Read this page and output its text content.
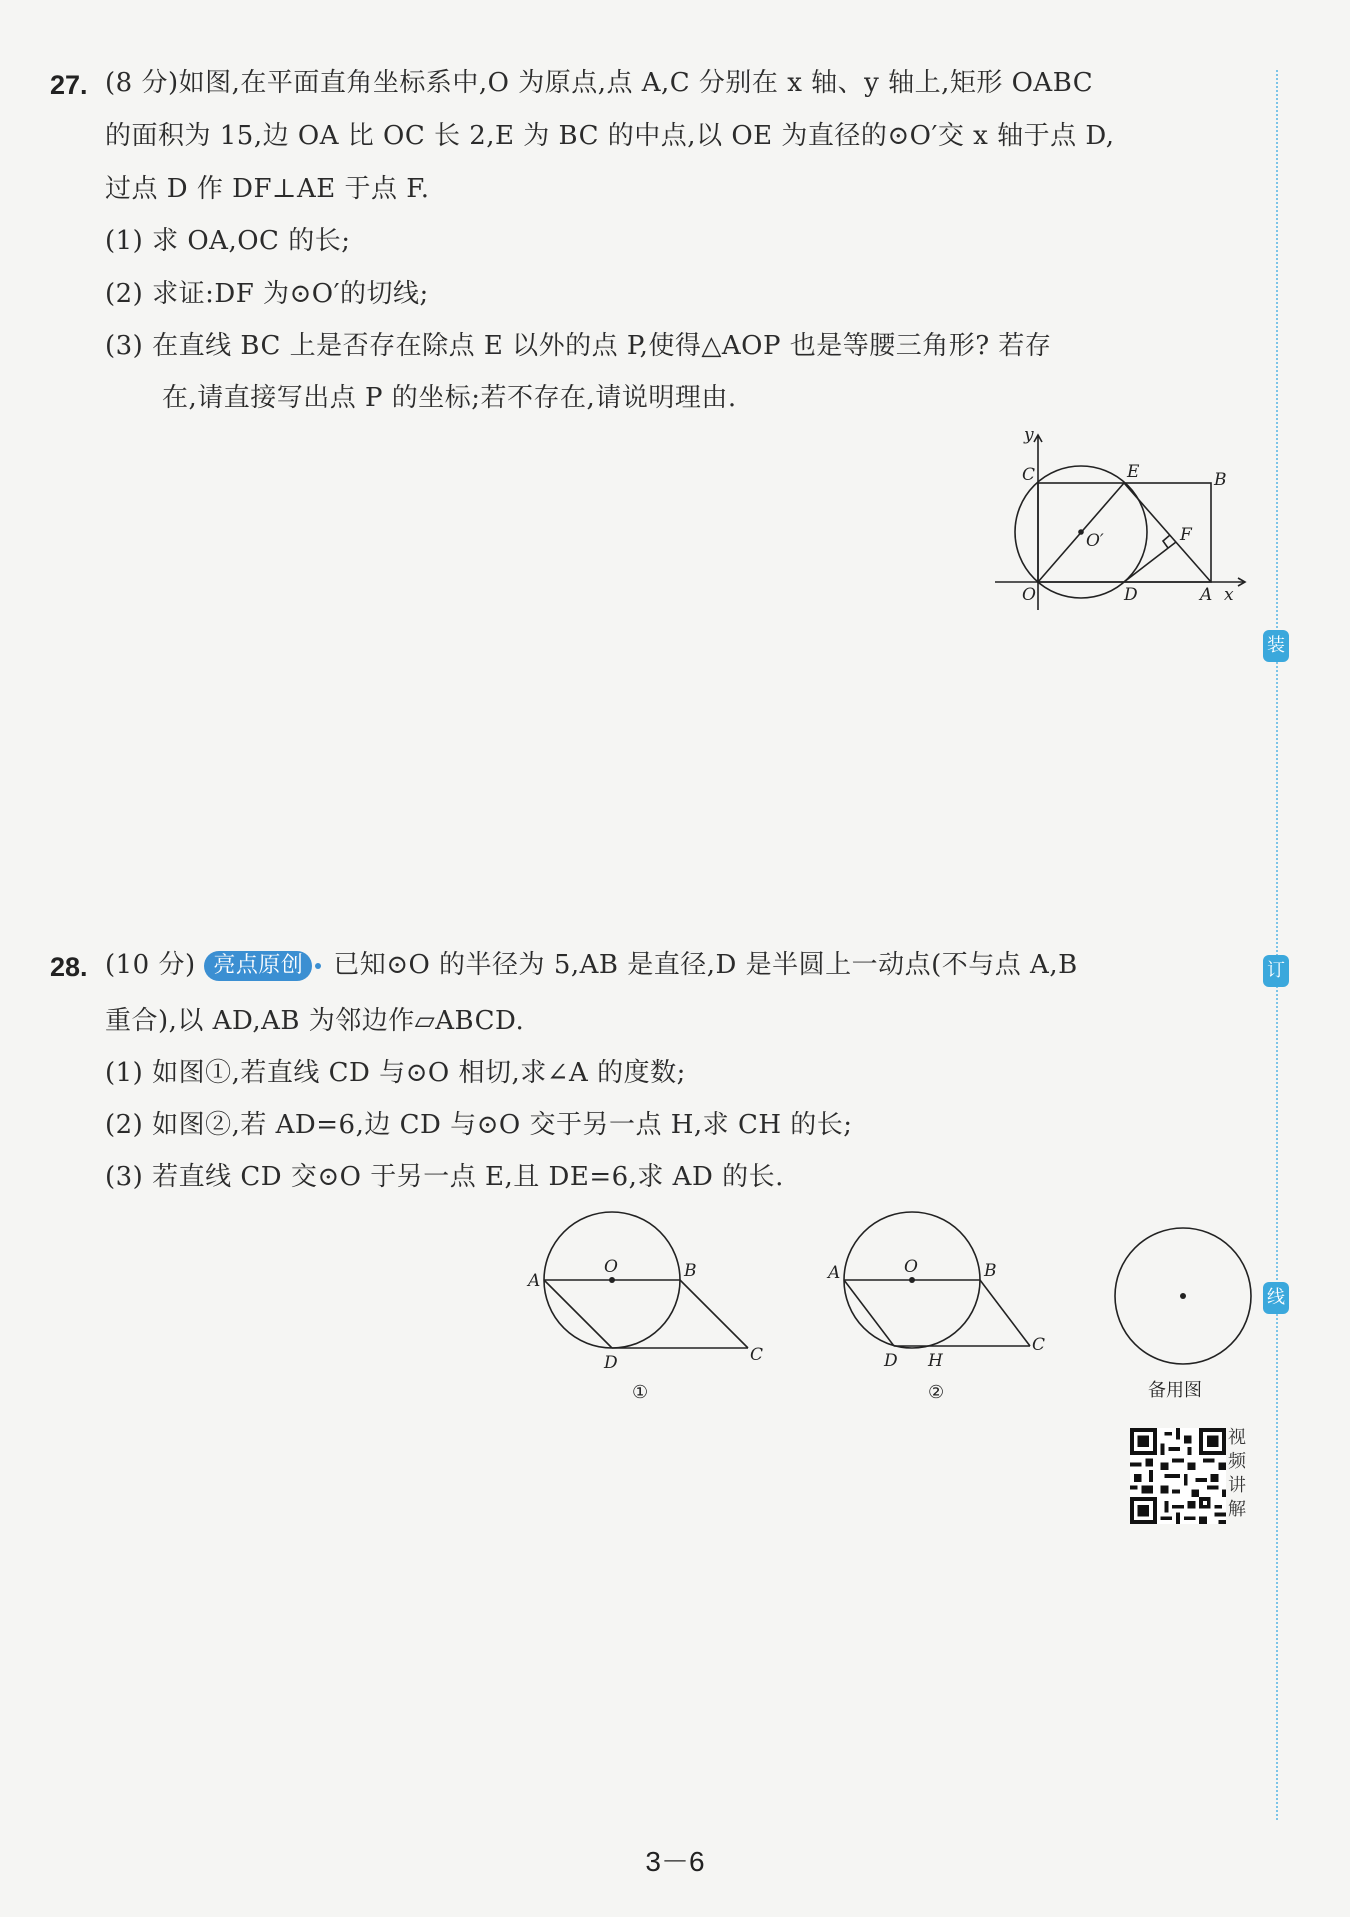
装
订
线
27. (8 分)如图,在平面直角坐标系中,O 为原点,点 A,C 分别在 x 轴、y 轴上,矩形 OABC
的面积为 15,边 OA 比 OC 长 2,E 为 BC 的中点,以 OE 为直径的⊙O′交 x 轴于点 D,
过点 D 作 DF⊥AE 于点 F.
(1) 求 OA,OC 的长;
(2) 求证:DF 为⊙O′的切线;
(3) 在直线 BC 上是否存在除点 E 以外的点 P,使得△AOP 也是等腰三角形? 若存
在,请直接写出点 P 的坐标;若不存在,请说明理由.
y
x
C	E	B
O′	F
O	D	A
28. (10 分) 亮点原创 已知⊙O 的半径为 5,AB 是直径,D 是半圆上一动点(不与点 A,B
重合),以 AD,AB 为邻边作▱ABCD.
(1) 如图①,若直线 CD 与⊙O 相切,求∠A 的度数;
(2) 如图②,若 AD=6,边 CD 与⊙O 交于另一点 H,求 CH 的长;
(3) 若直线 CD 交⊙O 于另一点 E,且 DE=6,求 AD 的长.
A
O	B
D	C
①
A	O	B
D H
C
②	备用图
视
频
讲
解
3－6
